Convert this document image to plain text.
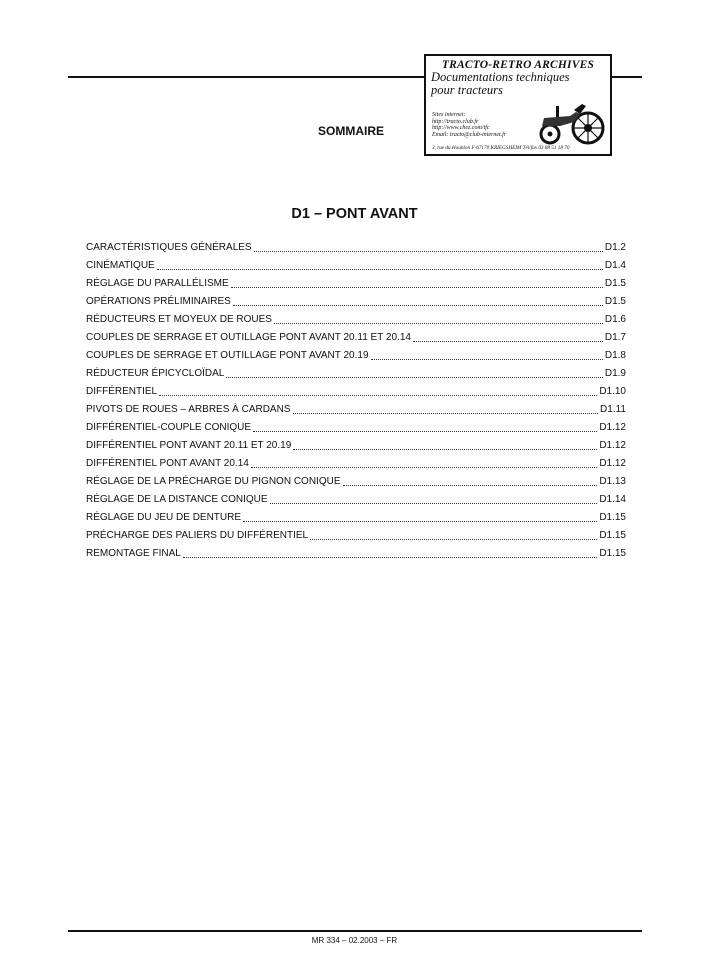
TRACTO-RETRO ARCHIVES
Documentations techniques
pour tracteurs
Sites internet:
http://tracto.club.fr
http://www.chez.com/tfc
Email: tracto@club-internet.fr
3, rue du Houblon F-67170 KRIEGSHEIM Tél/fax 03 88 51 18 70
SOMMAIRE
D1 – PONT AVANT
CARACTÉRISTIQUES GÉNÉRALES	D1.2
CINÉMATIQUE	D1.4
RÉGLAGE DU PARALLÉLISME	D1.5
OPÉRATIONS PRÉLIMINAIRES	D1.5
RÉDUCTEURS ET MOYEUX DE ROUES	D1.6
COUPLES DE SERRAGE ET OUTILLAGE PONT AVANT 20.11 ET 20.14	D1.7
COUPLES DE SERRAGE ET OUTILLAGE PONT AVANT 20.19	D1.8
RÉDUCTEUR ÉPICYCLOÏDAL	D1.9
DIFFÉRENTIEL	D1.10
PIVOTS DE ROUES – ARBRES À CARDANS	D1.11
DIFFÉRENTIEL-COUPLE CONIQUE	D1.12
DIFFÉRENTIEL PONT AVANT 20.11 ET 20.19	D1.12
DIFFÉRENTIEL PONT AVANT 20.14	D1.12
RÉGLAGE DE LA PRÉCHARGE DU PIGNON CONIQUE	D1.13
RÉGLAGE DE LA DISTANCE CONIQUE	D1.14
RÉGLAGE DU JEU DE DENTURE	D1.15
PRÉCHARGE DES PALIERS DU DIFFÉRENTIEL	D1.15
REMONTAGE FINAL	D1.15
MR 334 – 02.2003 – FR
